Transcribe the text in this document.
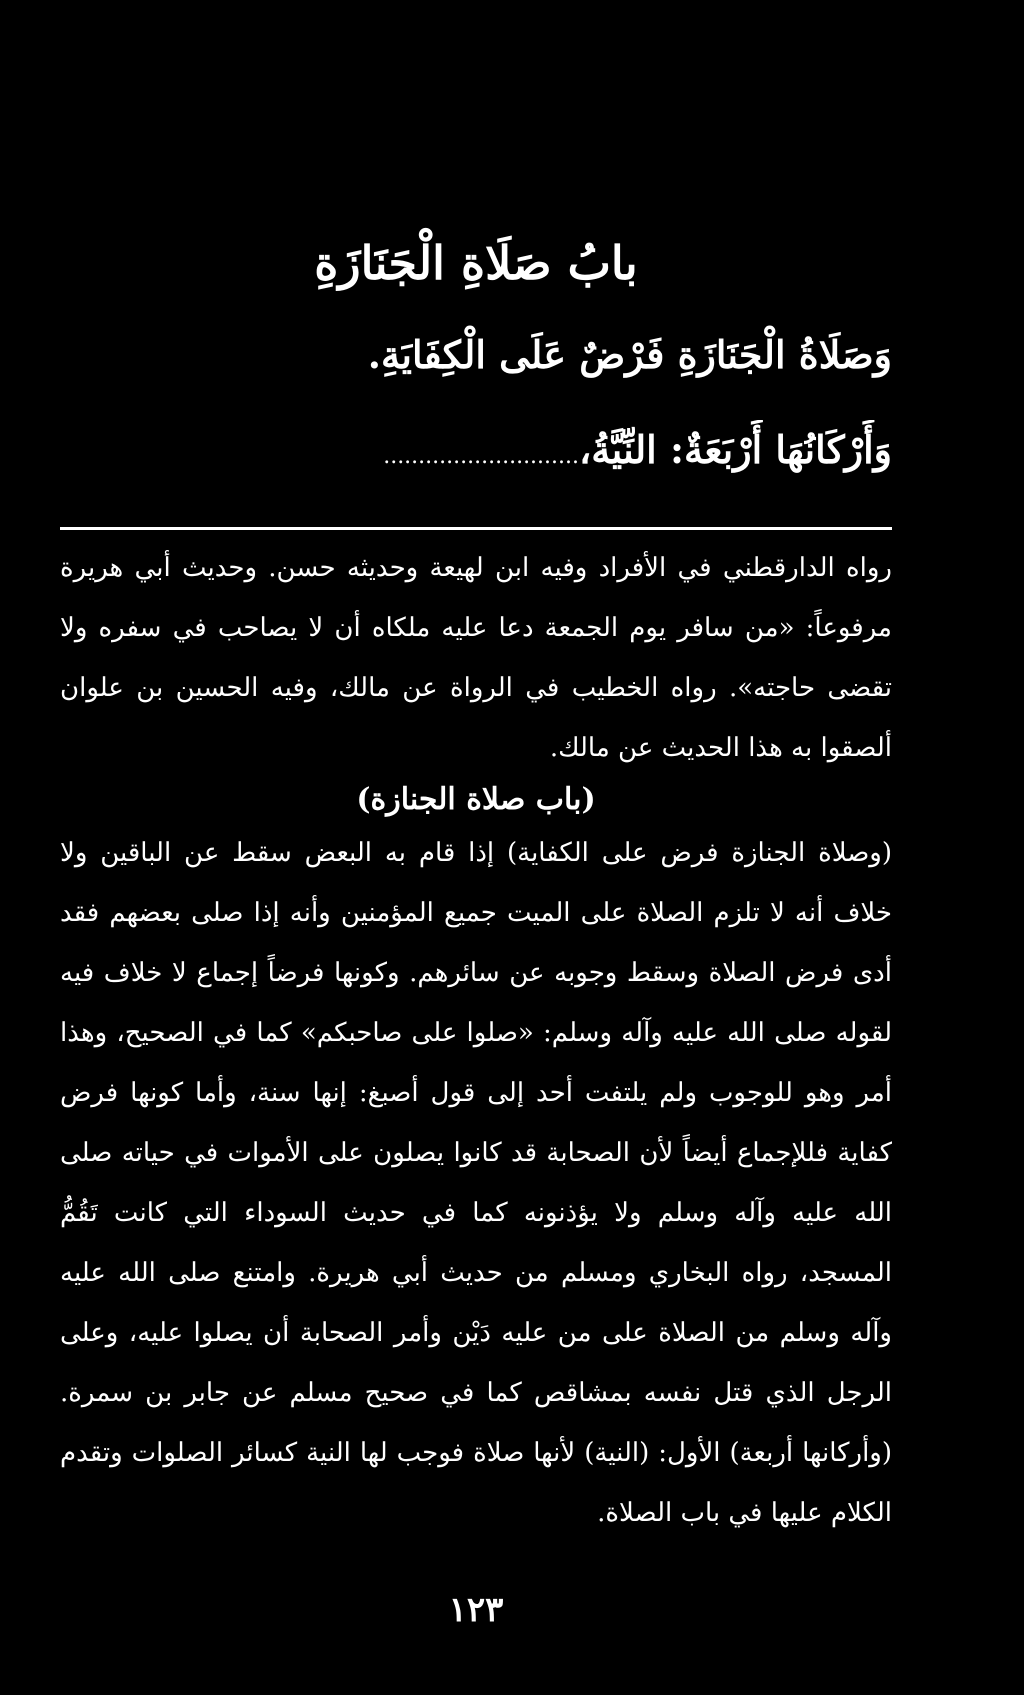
بابُ صَلَاةِ الْجَنَازَةِ

وَصَلَاةُ الْجَنَازَةِ فَرْضٌ عَلَى الْكِفَايَةِ.

وَأَرْكَانُهَا أَرْبَعَةٌ: النِّيَّةُ،............................

رواه الدارقطني في الأفراد وفيه ابن لهيعة وحديثه حسن. وحديث أبي هريرة مرفوعاً: «من سافر يوم الجمعة دعا عليه ملكاه أن لا يصاحب في سفره ولا تقضى حاجته». رواه الخطيب في الرواة عن مالك، وفيه الحسين بن علوان ألصقوا به هذا الحديث عن مالك.

(باب صلاة الجنازة)

(وصلاة الجنازة فرض على الكفاية) إذا قام به البعض سقط عن الباقين ولا خلاف أنه لا تلزم الصلاة على الميت جميع المؤمنين وأنه إذا صلى بعضهم فقد أدى فرض الصلاة وسقط وجوبه عن سائرهم. وكونها فرضاً إجماع لا خلاف فيه لقوله صلى الله عليه وآله وسلم: «صلوا على صاحبكم» كما في الصحيح، وهذا أمر وهو للوجوب ولم يلتفت أحد إلى قول أصبغ: إنها سنة، وأما كونها فرض كفاية فللإجماع أيضاً لأن الصحابة قد كانوا يصلون على الأموات في حياته صلى الله عليه وآله وسلم ولا يؤذنونه كما في حديث السوداء التي كانت تَقُمُّ المسجد، رواه البخاري ومسلم من حديث أبي هريرة. وامتنع صلى الله عليه وآله وسلم من الصلاة على من عليه دَيْن وأمر الصحابة أن يصلوا عليه، وعلى الرجل الذي قتل نفسه بمشاقص كما في صحيح مسلم عن جابر بن سمرة. (وأركانها أربعة) الأول: (النية) لأنها صلاة فوجب لها النية كسائر الصلوات وتقدم الكلام عليها في باب الصلاة.

١٢٣
